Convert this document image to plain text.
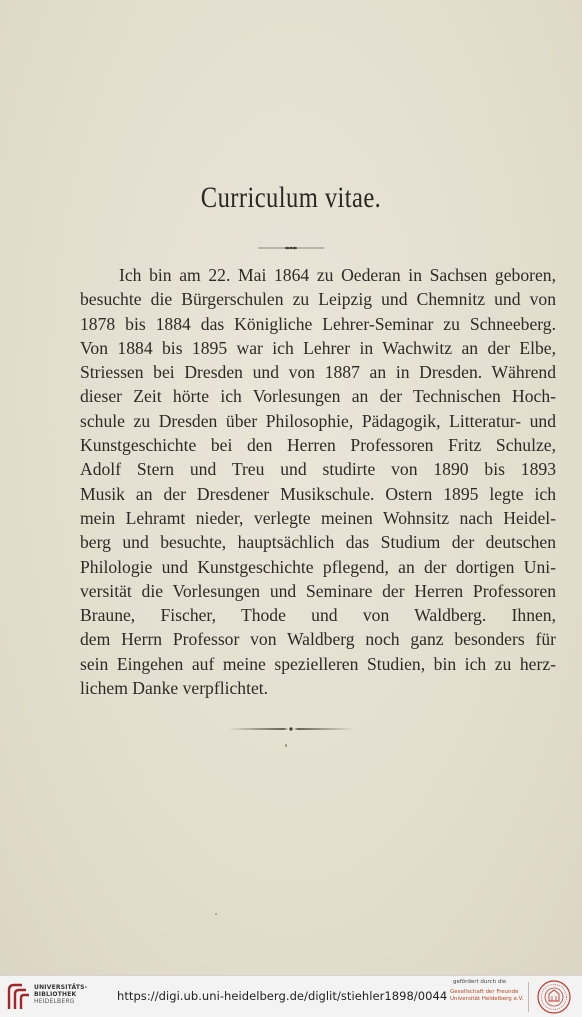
Curriculum vitae.
Ich bin am 22. Mai 1864 zu Oederan in Sachsen geboren,
besuchte die Bürgerschulen zu Leipzig und Chemnitz und von
1878 bis 1884 das Königliche Lehrer-Seminar zu Schneeberg.
Von 1884 bis 1895 war ich Lehrer in Wachwitz an der Elbe,
Striessen bei Dresden und von 1887 an in Dresden. Während
dieser Zeit hörte ich Vorlesungen an der Technischen Hoch-
schule zu Dresden über Philosophie, Pädagogik, Litteratur- und
Kunstgeschichte bei den Herren Professoren Fritz Schulze,
Adolf Stern und Treu und studirte von 1890 bis 1893
Musik an der Dresdener Musikschule. Ostern 1895 legte ich
mein Lehramt nieder, verlegte meinen Wohnsitz nach Heidel-
berg und besuchte, hauptsächlich das Studium der deutschen
Philologie und Kunstgeschichte pflegend, an der dortigen Uni-
versität die Vorlesungen und Seminare der Herren Professoren
Braune, Fischer, Thode und von Waldberg. Ihnen,
dem Herrn Professor von Waldberg noch ganz besonders für
sein Eingehen auf meine spezielleren Studien, bin ich zu herz-
lichem Danke verpflichtet.
UNIVERSITÄTS-
BIBLIOTHEK
HEIDELBERG	https://digi.ub.uni-heidelberg.de/diglit/stiehler1898/0044
gefördert durch die
Gesellschaft der Freunde
Universität Heidelberg e.V.
